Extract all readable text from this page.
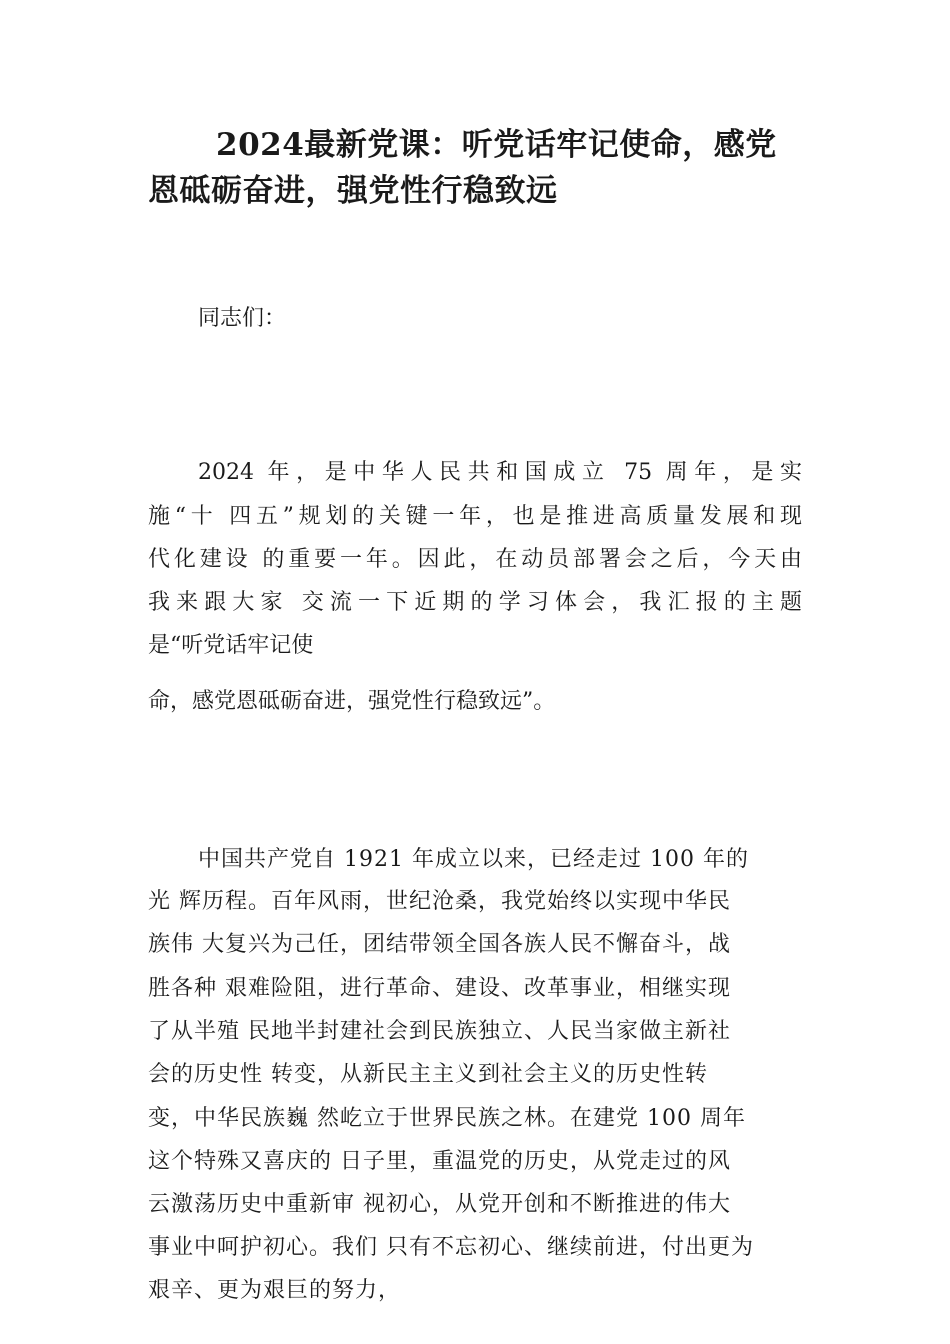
2024最新党课：听党话牢记使命，感党
恩砥砺奋进，强党性行稳致远
同志们：
2024 年，是中华人民共和国成立 75 周年，是实
施“十 四五”规划的关键一年，也是推进高质量发展和现
代化建设 的重要一年。因此，在动员部署会之后，今天由
我来跟大家 交流一下近期的学习体会，我汇报的主题
是“听党话牢记使
命，感党恩砥砺奋进，强党性行稳致远”。
中国共产党自 1921 年成立以来，已经走过 100 年的
光 辉历程。百年风雨，世纪沧桑，我党始终以实现中华民
族伟 大复兴为己任，团结带领全国各族人民不懈奋斗，战
胜各种 艰难险阻，进行革命、建设、改革事业，相继实现
了从半殖 民地半封建社会到民族独立、人民当家做主新社
会的历史性 转变，从新民主主义到社会主义的历史性转
变，中华民族巍 然屹立于世界民族之林。在建党 100 周年
这个特殊又喜庆的 日子里，重温党的历史，从党走过的风
云激荡历史中重新审 视初心，从党开创和不断推进的伟大
事业中呵护初心。我们 只有不忘初心、继续前进，付出更为
艰辛、更为艰巨的努力，
